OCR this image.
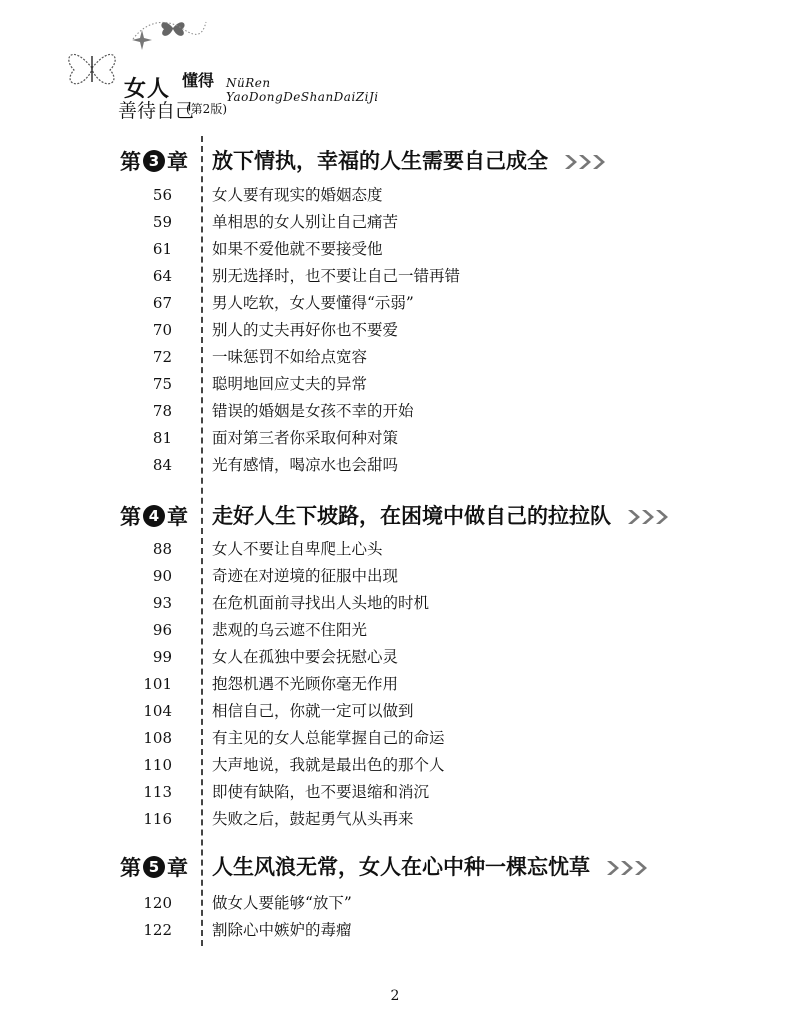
女人 懂得
善待自己
(第2版)
NüRen YaoDongDeShanDaiZiJi
第 3 章 放下情执，幸福的人生需要自己成全
56	女人要有现实的婚姻态度
59	单相思的女人别让自己痛苦
61	如果不爱他就不要接受他
64	别无选择时，也不要让自己一错再错
67	男人吃软，女人要懂得“示弱”
70	别人的丈夫再好你也不要爱
72	一味惩罚不如给点宽容
75	聪明地回应丈夫的异常
78	错误的婚姻是女孩不幸的开始
81	面对第三者你采取何种对策
84	光有感情，喝凉水也会甜吗
第 4 章 走好人生下坡路，在困境中做自己的拉拉队
88	女人不要让自卑爬上心头
90	奇迹在对逆境的征服中出现
93	在危机面前寻找出人头地的时机
96	悲观的乌云遮不住阳光
99	女人在孤独中要会抚慰心灵
101	抱怨机遇不光顾你毫无作用
104	相信自己，你就一定可以做到
108	有主见的女人总能掌握自己的命运
110	大声地说，我就是最出色的那个人
113	即使有缺陷，也不要退缩和消沉
116	失败之后，鼓起勇气从头再来
第 5 章 人生风浪无常，女人在心中种一棵忘忧草
120	做女人要能够“放下”
122	割除心中嫉妒的毒瘤
2
